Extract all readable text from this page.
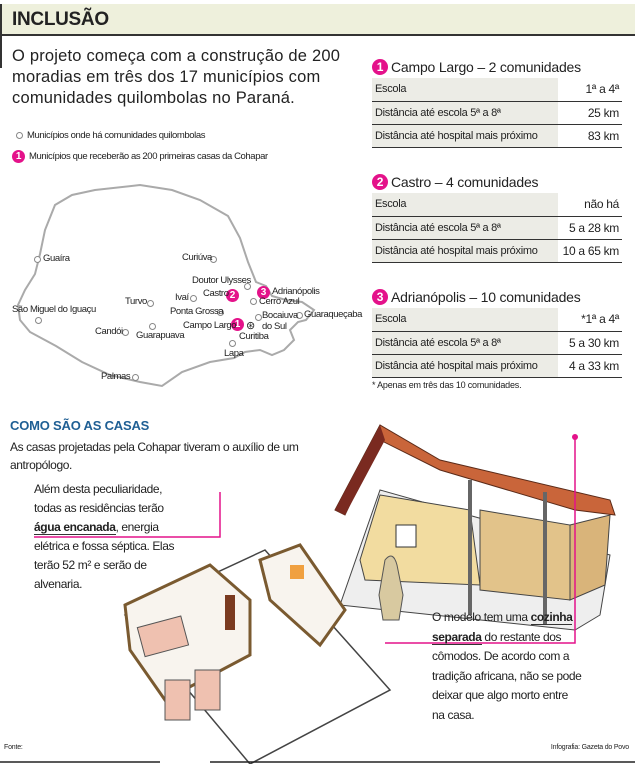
INCLUSÃO
O projeto começa com a construção de 200 moradias em três dos 17 municípios com comunidades quilombolas no Paraná.
Municípios onde há comunidades quilombolas
1 Municípios que receberão as 200 primeiras casas da Cohapar
⊛
2	3
1
Guaíra	Curiúva
Doutor Ulysses
Castro	Adrianópolis
Ivaí	Cerro Azul
Turvo
Ponta Grossa	Bocaiuva do Sul
Guaraqueçaba
São Miguel do Iguaçu
Campo Largo
Curitiba
Candói Guarapuava
Lapa
Palmas
1 Campo Largo – 2 comunidades
Escola	1ª a 4ª
Distância até escola 5ª a 8ª	25 km
Distância até hospital mais próximo	83 km
2 Castro – 4 comunidades
Escola	não há
Distância até escola 5ª a 8ª	5 a 28 km
Distância até hospital mais próximo	10 a 65 km
3 Adrianópolis – 10 comunidades
Escola	*1ª a 4ª
Distância até escola 5ª a 8ª	5 a 30 km
Distância até hospital mais próximo	4 a 33 km
* Apenas em três das 10 comunidades.
COMO SÃO AS CASAS
As casas projetadas pela Cohapar tiveram o auxílio de um antropólogo.
Além desta peculiaridade, todas as residências terão água encanada, energia elétrica e fossa séptica. Elas terão 52 m² e serão de alvenaria.
O modelo tem uma cozinha separada do restante dos cômodos. De acordo com a tradição africana, não se pode deixar que algo morto entre na casa.
Fonte:	Infografia: Gazeta do Povo
